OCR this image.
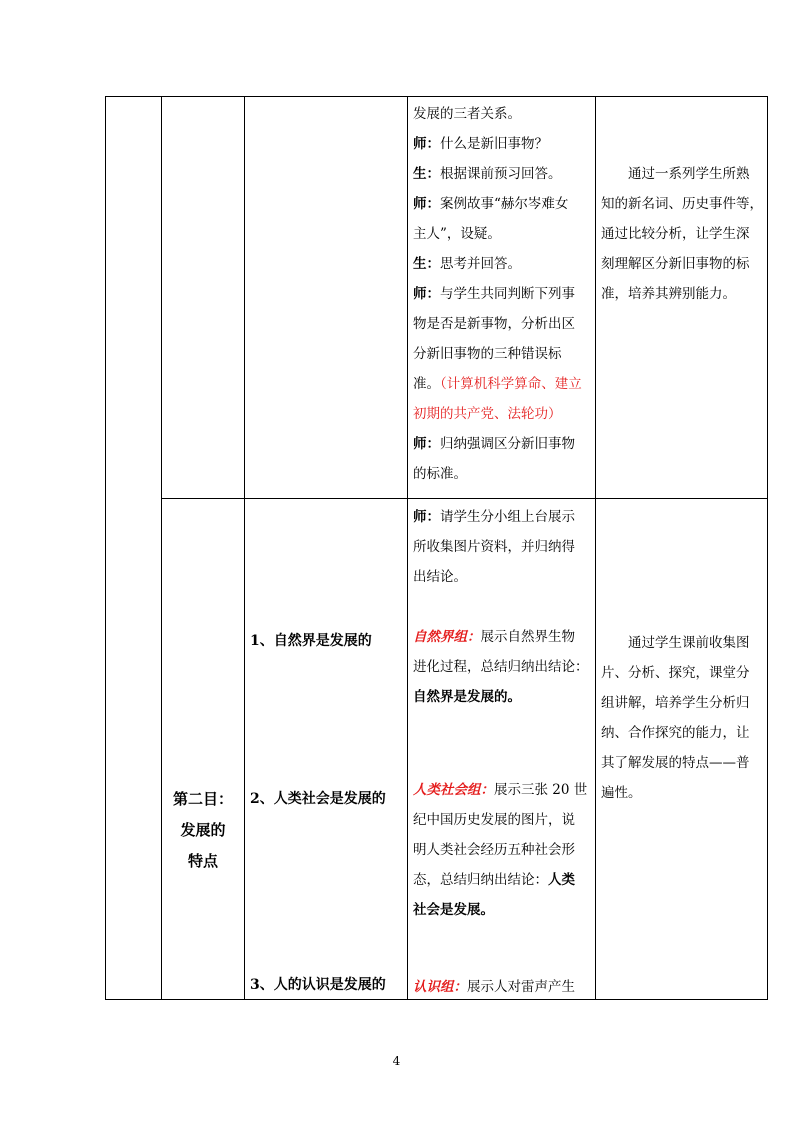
发展的三者关系。

师：什么是新旧事物？

生：根据课前预习回答。

师：案例故事“赫尔岑难女

主人”，设疑。

生：思考并回答。

师：与学生共同判断下列事

物是否是新事物，分析出区

分新旧事物的三种错误标

准。（计算机科学算命、建立

初期的共产党、法轮功）

师：归纳强调区分新旧事物

的标准。

通过一系列学生所熟

知的新名词、历史事件等，

通过比较分析，让学生深

刻理解区分新旧事物的标

准，培养其辨别能力。

第二目：

发展的

特点

1、自然界是发展的
2、人类社会是发展的
3、人的认识是发展的

师：请学生分小组上台展示

所收集图片资料，并归纳得

出结论。

自然界组：展示自然界生物

进化过程，总结归纳出结论：

自然界是发展的。

人类社会组：展示三张 20 世

纪中国历史发展的图片，说

明人类社会经历五种社会形

态，总结归纳出结论：人类

社会是发展。

认识组：展示人对雷声产生

通过学生课前收集图

片、分析、探究，课堂分

组讲解，培养学生分析归

纳、合作探究的能力，让

其了解发展的特点——普

遍性。

4
